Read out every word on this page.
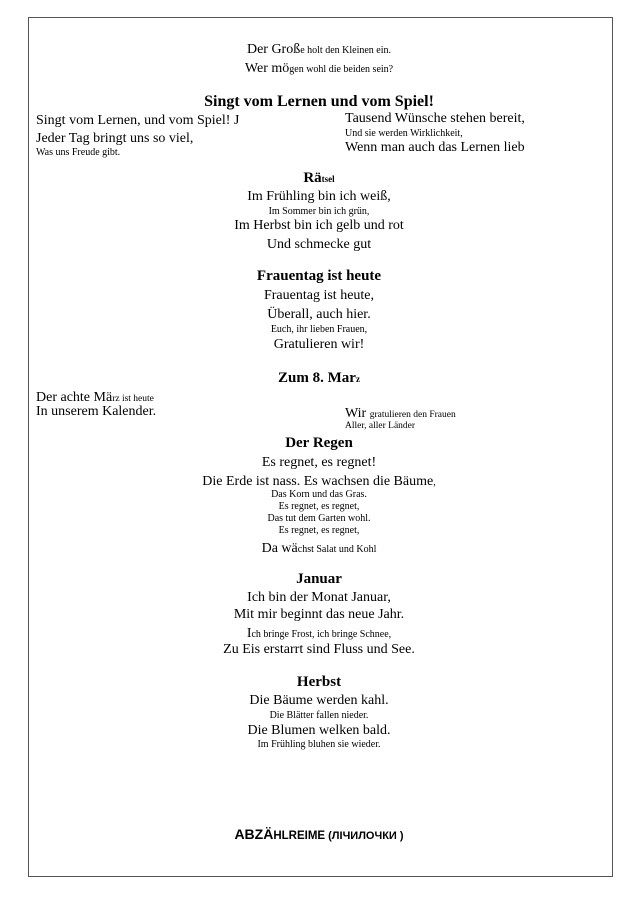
Der Große holt den Kleinen ein.
Wer mögen wohl die beiden sein?
Singt vom Lernen und vom Spiel!
Singt vom Lernen, und vom Spiel! J
Jeder Tag bringt uns so viel,
Was uns Freude gibt.
Tausend Wünsche stehen bereit,
Und sie werden Wirklichkeit,
Wenn man auch das Lernen lieb
Rätsel
Im Frühling bin ich weiß,
Im Sommer bin ich grün,
Im Herbst bin ich gelb und rot
Und schmecke gut
Frauentag ist heute
Frauentag ist heute,
Überall, auch hier.
Euch, ihr lieben Frauen,
Gratulieren wir!
Zum 8. Marz
Der achte März ist heute
In unserem Kalender.	Wir gratulieren den Frauen
Aller, aller Länder
Der Regen
Es regnet, es regnet!
Die Erde ist nass. Es wachsen die Bäume,
Das Korn und das Gras.
Es regnet, es regnet,
Das tut dem Garten wohl.
Es regnet, es regnet,
Da wächst Salat und Kohl
Januar
Ich bin der Monat Januar,
Mit mir beginnt das neue Jahr.
Ich bringe Frost, ich bringe Schnee,
Zu Eis erstarrt sind Fluss und See.
Herbst
Die Bäume werden kahl.
Die Blätter fallen nieder.
Die Blumen welken bald.
Im Frühling bluhen sie wieder.
ABZÄHLREIME (ЛІЧИЛОЧКИ )
